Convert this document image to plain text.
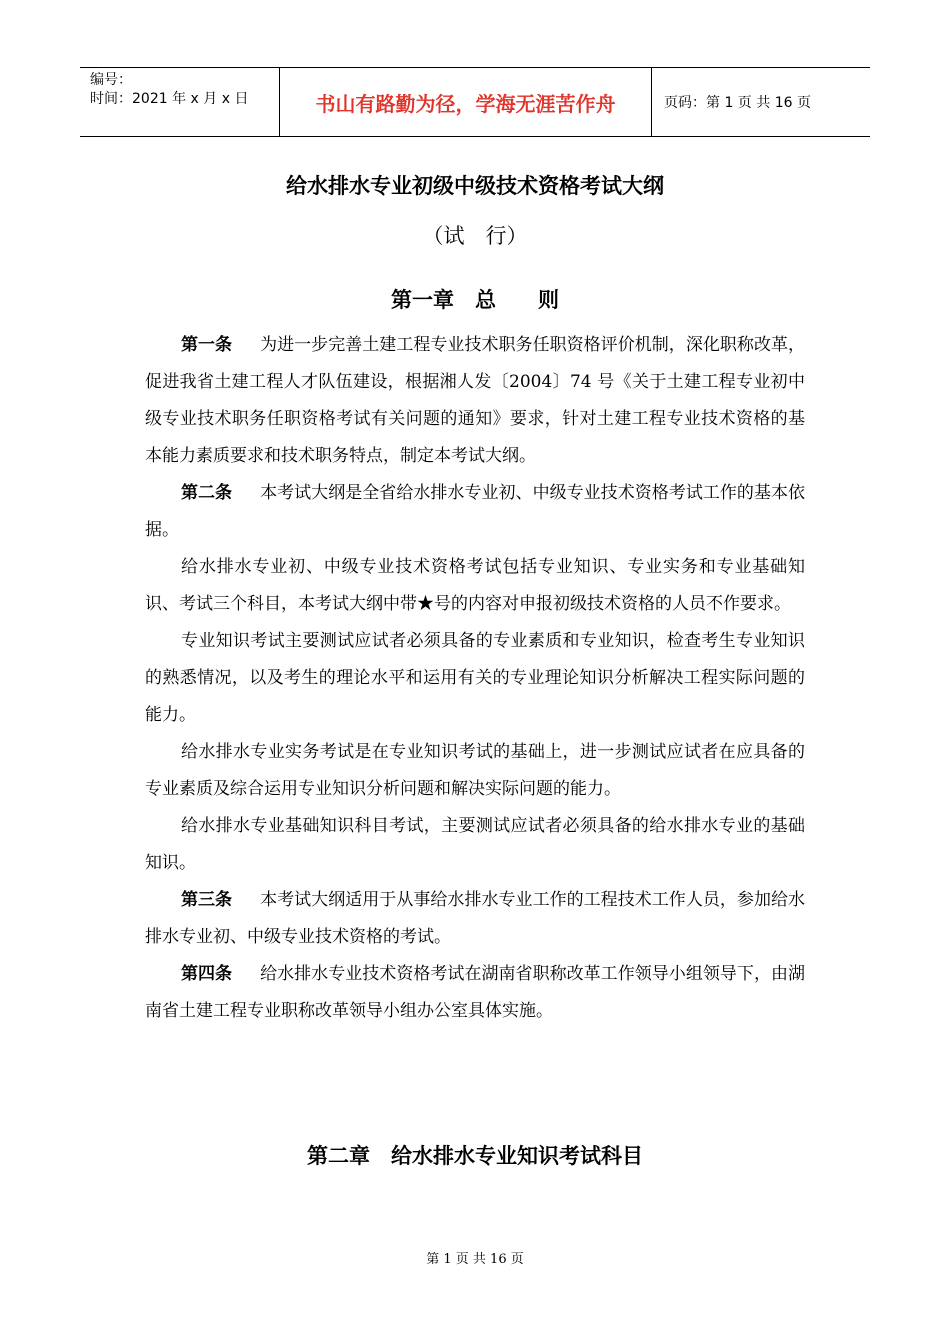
编号：
时间：2021 年 x 月 x 日	书山有路勤为径，学海无涯苦作舟	页码：第 1 页 共 16 页
给水排水专业初级中级技术资格考试大纲
（试　行）
第一章　总　　则

第一条 为进一步完善土建工程专业技术职务任职资格评价机制，深化职称改革，促进我省土建工程人才队伍建设，根据湘人发〔2004〕74 号《关于土建工程专业初中级专业技术职务任职资格考试有关问题的通知》要求，针对土建工程专业技术资格的基本能力素质要求和技术职务特点，制定本考试大纲。

第二条 本考试大纲是全省给水排水专业初、中级专业技术资格考试工作的基本依据。

给水排水专业初、中级专业技术资格考试包括专业知识、专业实务和专业基础知识、考试三个科目，本考试大纲中带★号的内容对申报初级技术资格的人员不作要求。

专业知识考试主要测试应试者必须具备的专业素质和专业知识，检查考生专业知识的熟悉情况，以及考生的理论水平和运用有关的专业理论知识分析解决工程实际问题的能力。

给水排水专业实务考试是在专业知识考试的基础上，进一步测试应试者在应具备的专业素质及综合运用专业知识分析问题和解决实际问题的能力。

给水排水专业基础知识科目考试，主要测试应试者必须具备的给水排水专业的基础知识。

第三条 本考试大纲适用于从事给水排水专业工作的工程技术工作人员，参加给水排水专业初、中级专业技术资格的考试。

第四条 给水排水专业技术资格考试在湖南省职称改革工作领导小组领导下，由湖南省土建工程专业职称改革领导小组办公室具体实施。

第二章　给水排水专业知识考试科目
第 1 页 共 16 页
